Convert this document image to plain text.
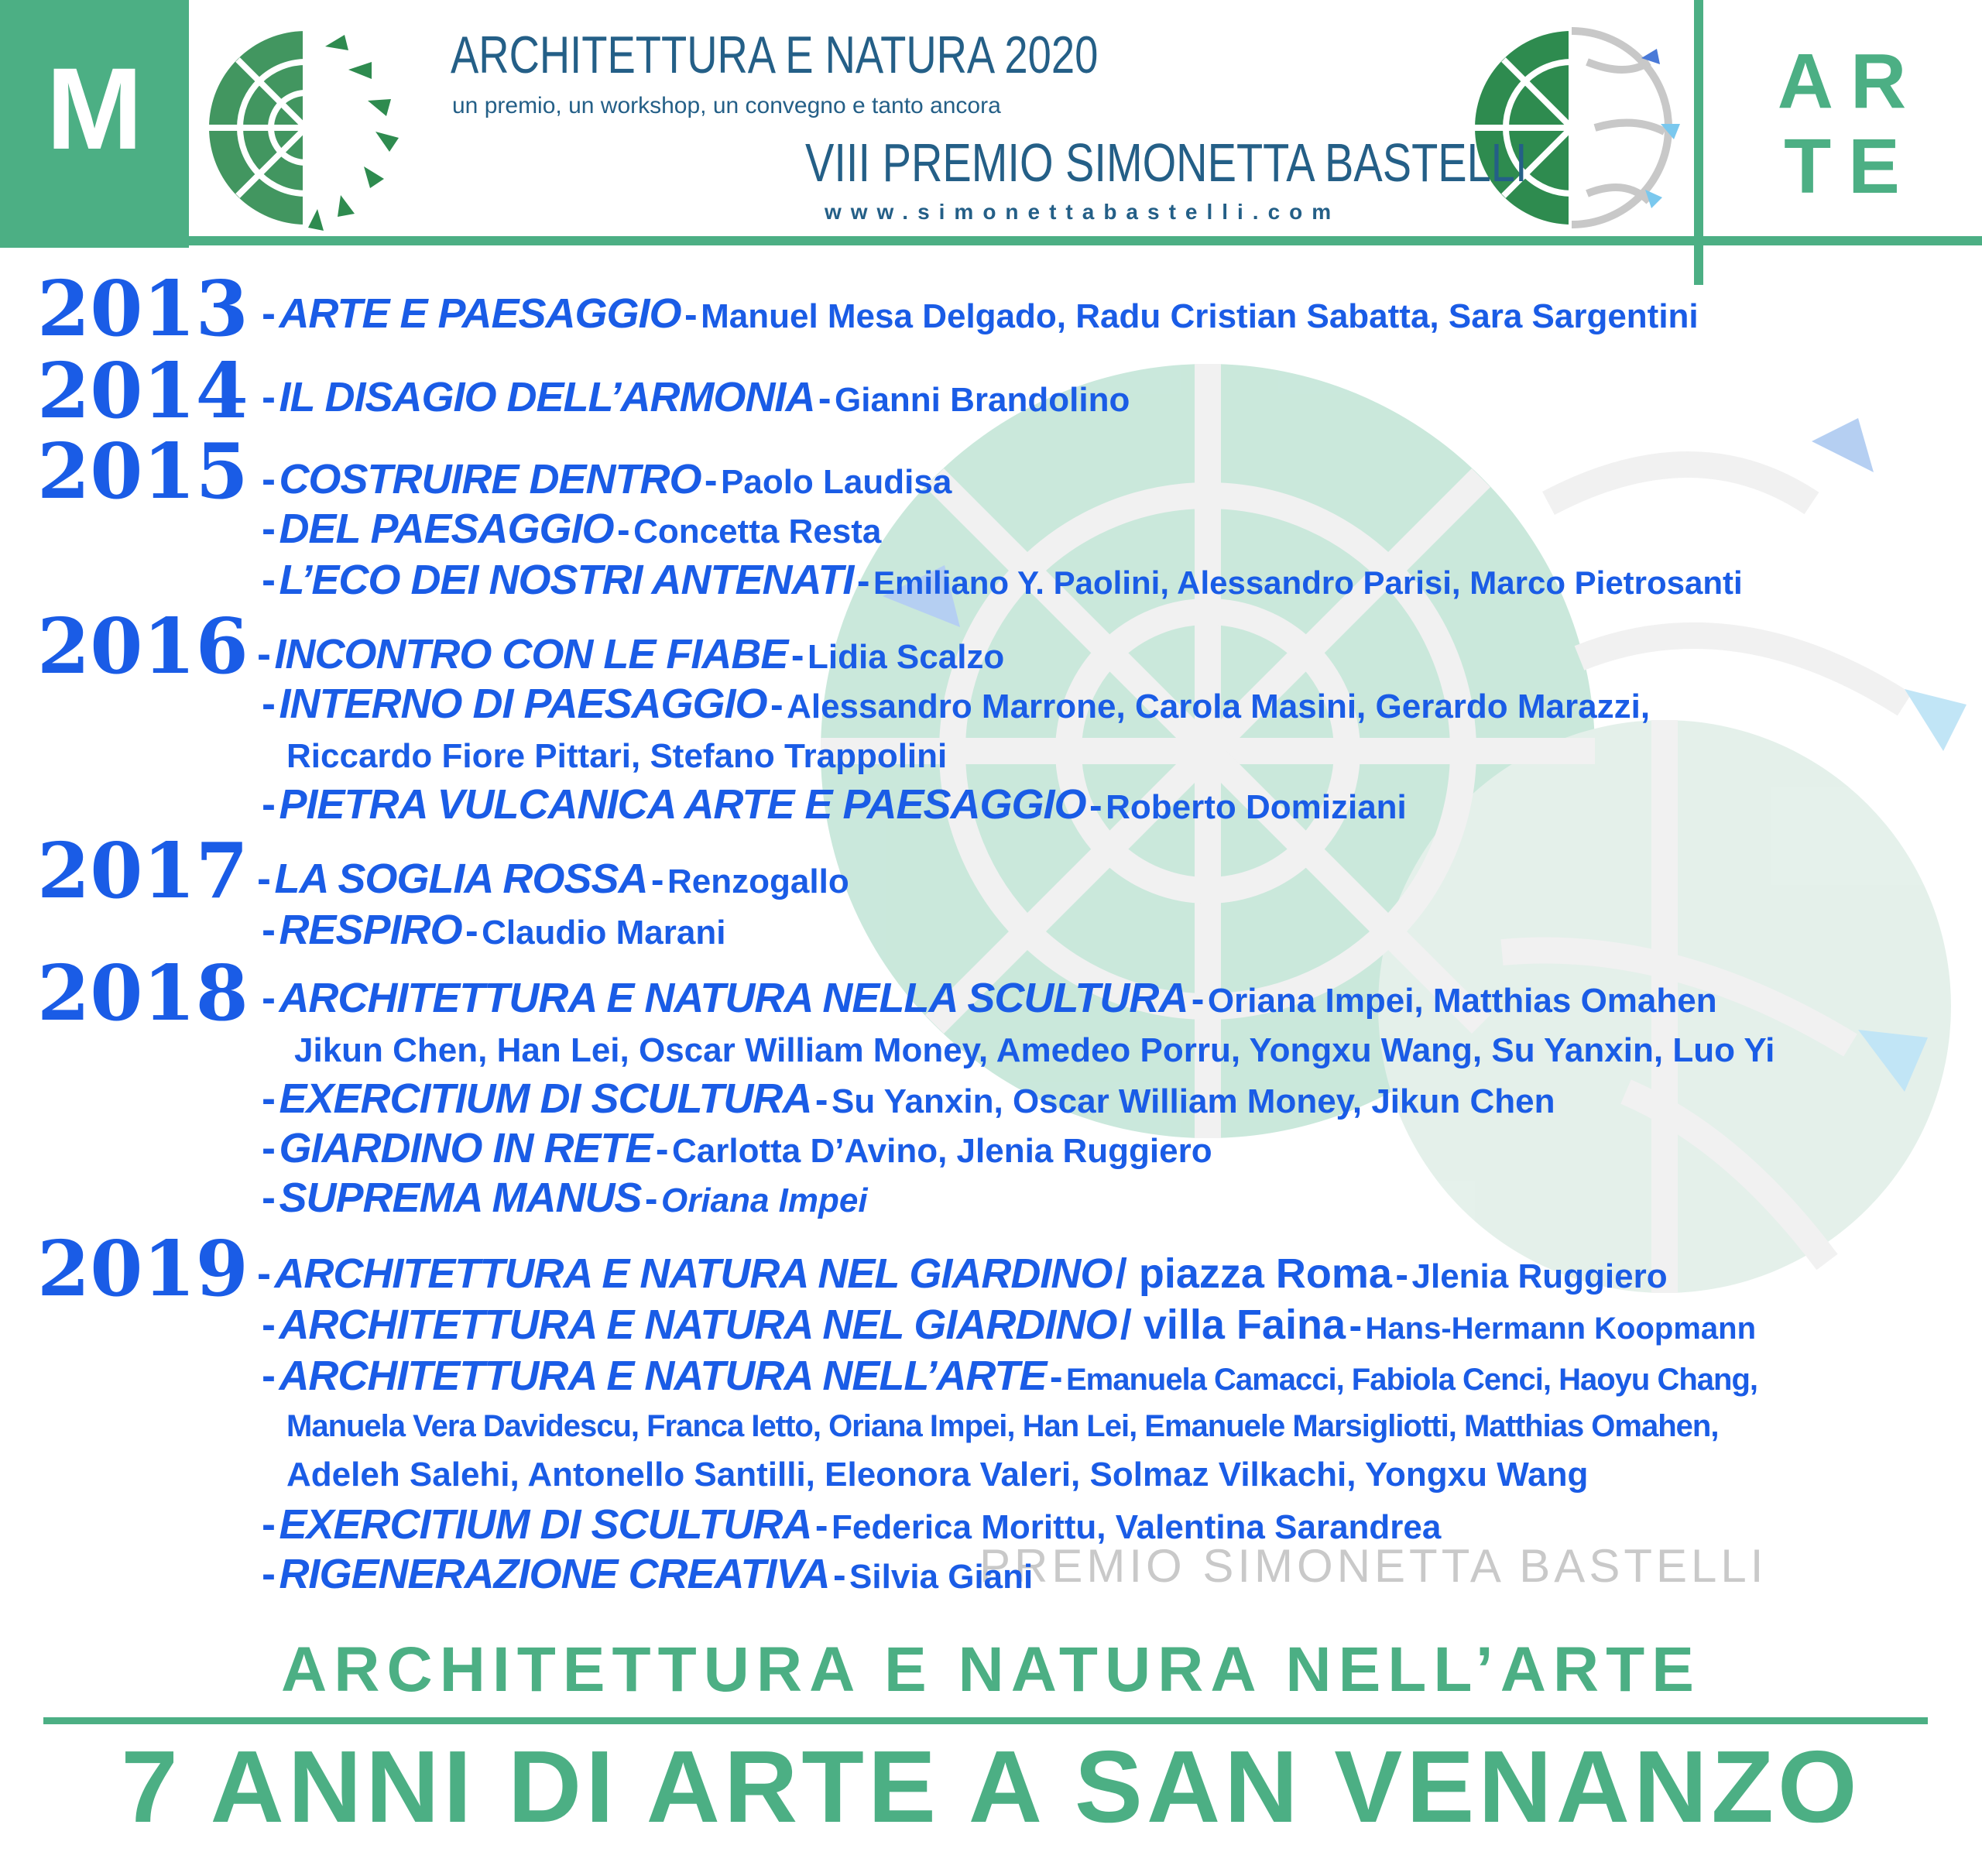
M	ARCHITETTURA E NATURA 2020
un premio, un workshop, un convegno e tanto ancora
VIII PREMIO SIMONETTA BASTELLI
www.simonettabastelli.com
AR
TE
PREMIO SIMONETTA BASTELLI
2013
2014
2015
2016
2017
2018
2019
- ARTE E PAESAGGIO - Manuel Mesa Delgado, Radu Cristian Sabatta, Sara Sargentini
- IL DISAGIO DELL’ARMONIA - Gianni Brandolino
- COSTRUIRE DENTRO - Paolo Laudisa
- DEL PAESAGGIO - Concetta Resta
- L’ECO DEI NOSTRI ANTENATI - Emiliano Y. Paolini, Alessandro Parisi, Marco Pietrosanti
- INCONTRO CON LE FIABE - Lidia Scalzo
- INTERNO DI PAESAGGIO - Alessandro Marrone, Carola Masini, Gerardo Marazzi,
Riccardo Fiore Pittari, Stefano Trappolini
- PIETRA VULCANICA ARTE E PAESAGGIO - Roberto Domiziani
- LA SOGLIA ROSSA - Renzogallo
- RESPIRO - Claudio Marani
- ARCHITETTURA E NATURA NELLA SCULTURA - Oriana Impei, Matthias Omahen
Jikun Chen, Han Lei, Oscar William Money, Amedeo Porru, Yongxu Wang, Su Yanxin, Luo Yi
- EXERCITIUM DI SCULTURA - Su Yanxin, Oscar William Money, Jikun Chen
- GIARDINO IN RETE - Carlotta D’Avino, Jlenia Ruggiero
- SUPREMA MANUS - Oriana Impei
- ARCHITETTURA E NATURA NEL GIARDINO / piazza Roma - Jlenia Ruggiero
- ARCHITETTURA E NATURA NEL GIARDINO / villa Faina - Hans-Hermann Koopmann
- ARCHITETTURA E NATURA NELL’ARTE - Emanuela Camacci, Fabiola Cenci, Haoyu Chang,
Manuela Vera Davidescu, Franca Ietto, Oriana Impei, Han Lei, Emanuele Marsigliotti, Matthias Omahen,
Adeleh Salehi, Antonello Santilli, Eleonora Valeri, Solmaz Vilkachi, Yongxu Wang
- EXERCITIUM DI SCULTURA - Federica Morittu, Valentina Sarandrea
- RIGENERAZIONE CREATIVA - Silvia Giani
ARCHITETTURA E NATURA NELL’ARTE
7 ANNI DI ARTE A SAN VENANZO
